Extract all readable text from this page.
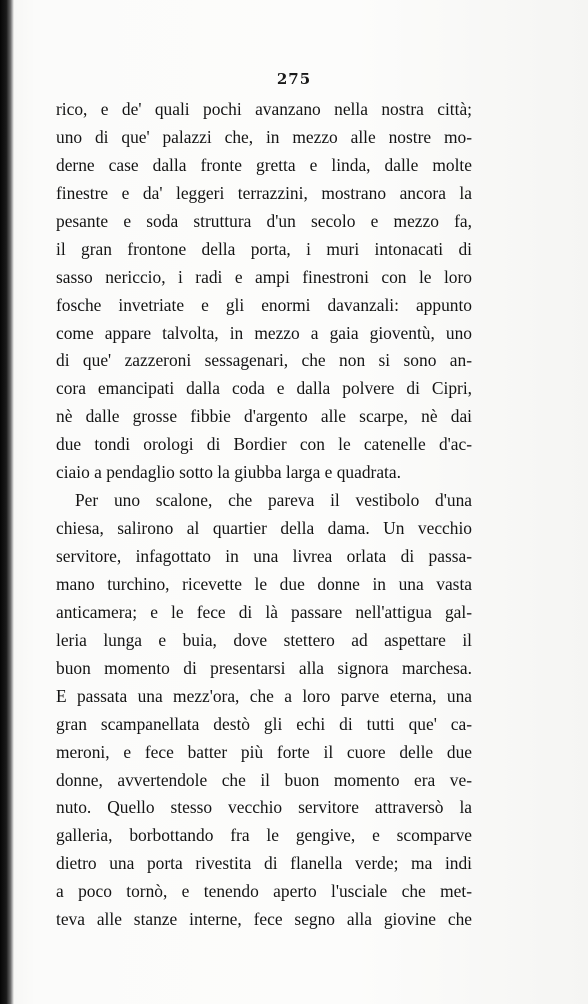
275
rico, e de' quali pochi avanzano nella nostra città;
uno di que' palazzi che, in mezzo alle nostre mo-
derne case dalla fronte gretta e linda, dalle molte
finestre e da' leggeri terrazzini, mostrano ancora la
pesante e soda struttura d'un secolo e mezzo fa,
il gran frontone della porta, i muri intonacati di
sasso nericcio, i radi e ampi finestroni con le loro
fosche invetriate e gli enormi davanzali: appunto
come appare talvolta, in mezzo a gaia gioventù, uno
di que' zazzeroni sessagenari, che non si sono an-
cora emancipati dalla coda e dalla polvere di Cipri,
nè dalle grosse fibbie d'argento alle scarpe, nè dai
due tondi orologi di Bordier con le catenelle d'ac-
ciaio a pendaglio sotto la giubba larga e quadrata.
Per uno scalone, che pareva il vestibolo d'una
chiesa, salirono al quartier della dama. Un vecchio
servitore, infagottato in una livrea orlata di passa-
mano turchino, ricevette le due donne in una vasta
anticamera; e le fece di là passare nell'attigua gal-
leria lunga e buia, dove stettero ad aspettare il
buon momento di presentarsi alla signora marchesa.
E passata una mezz'ora, che a loro parve eterna, una
gran scampanellata destò gli echi di tutti que' ca-
meroni, e fece batter più forte il cuore delle due
donne, avvertendole che il buon momento era ve-
nuto. Quello stesso vecchio servitore attraversò la
galleria, borbottando fra le gengive, e scomparve
dietro una porta rivestita di flanella verde; ma indi
a poco tornò, e tenendo aperto l'usciale che met-
teva alle stanze interne, fece segno alla giovine che
